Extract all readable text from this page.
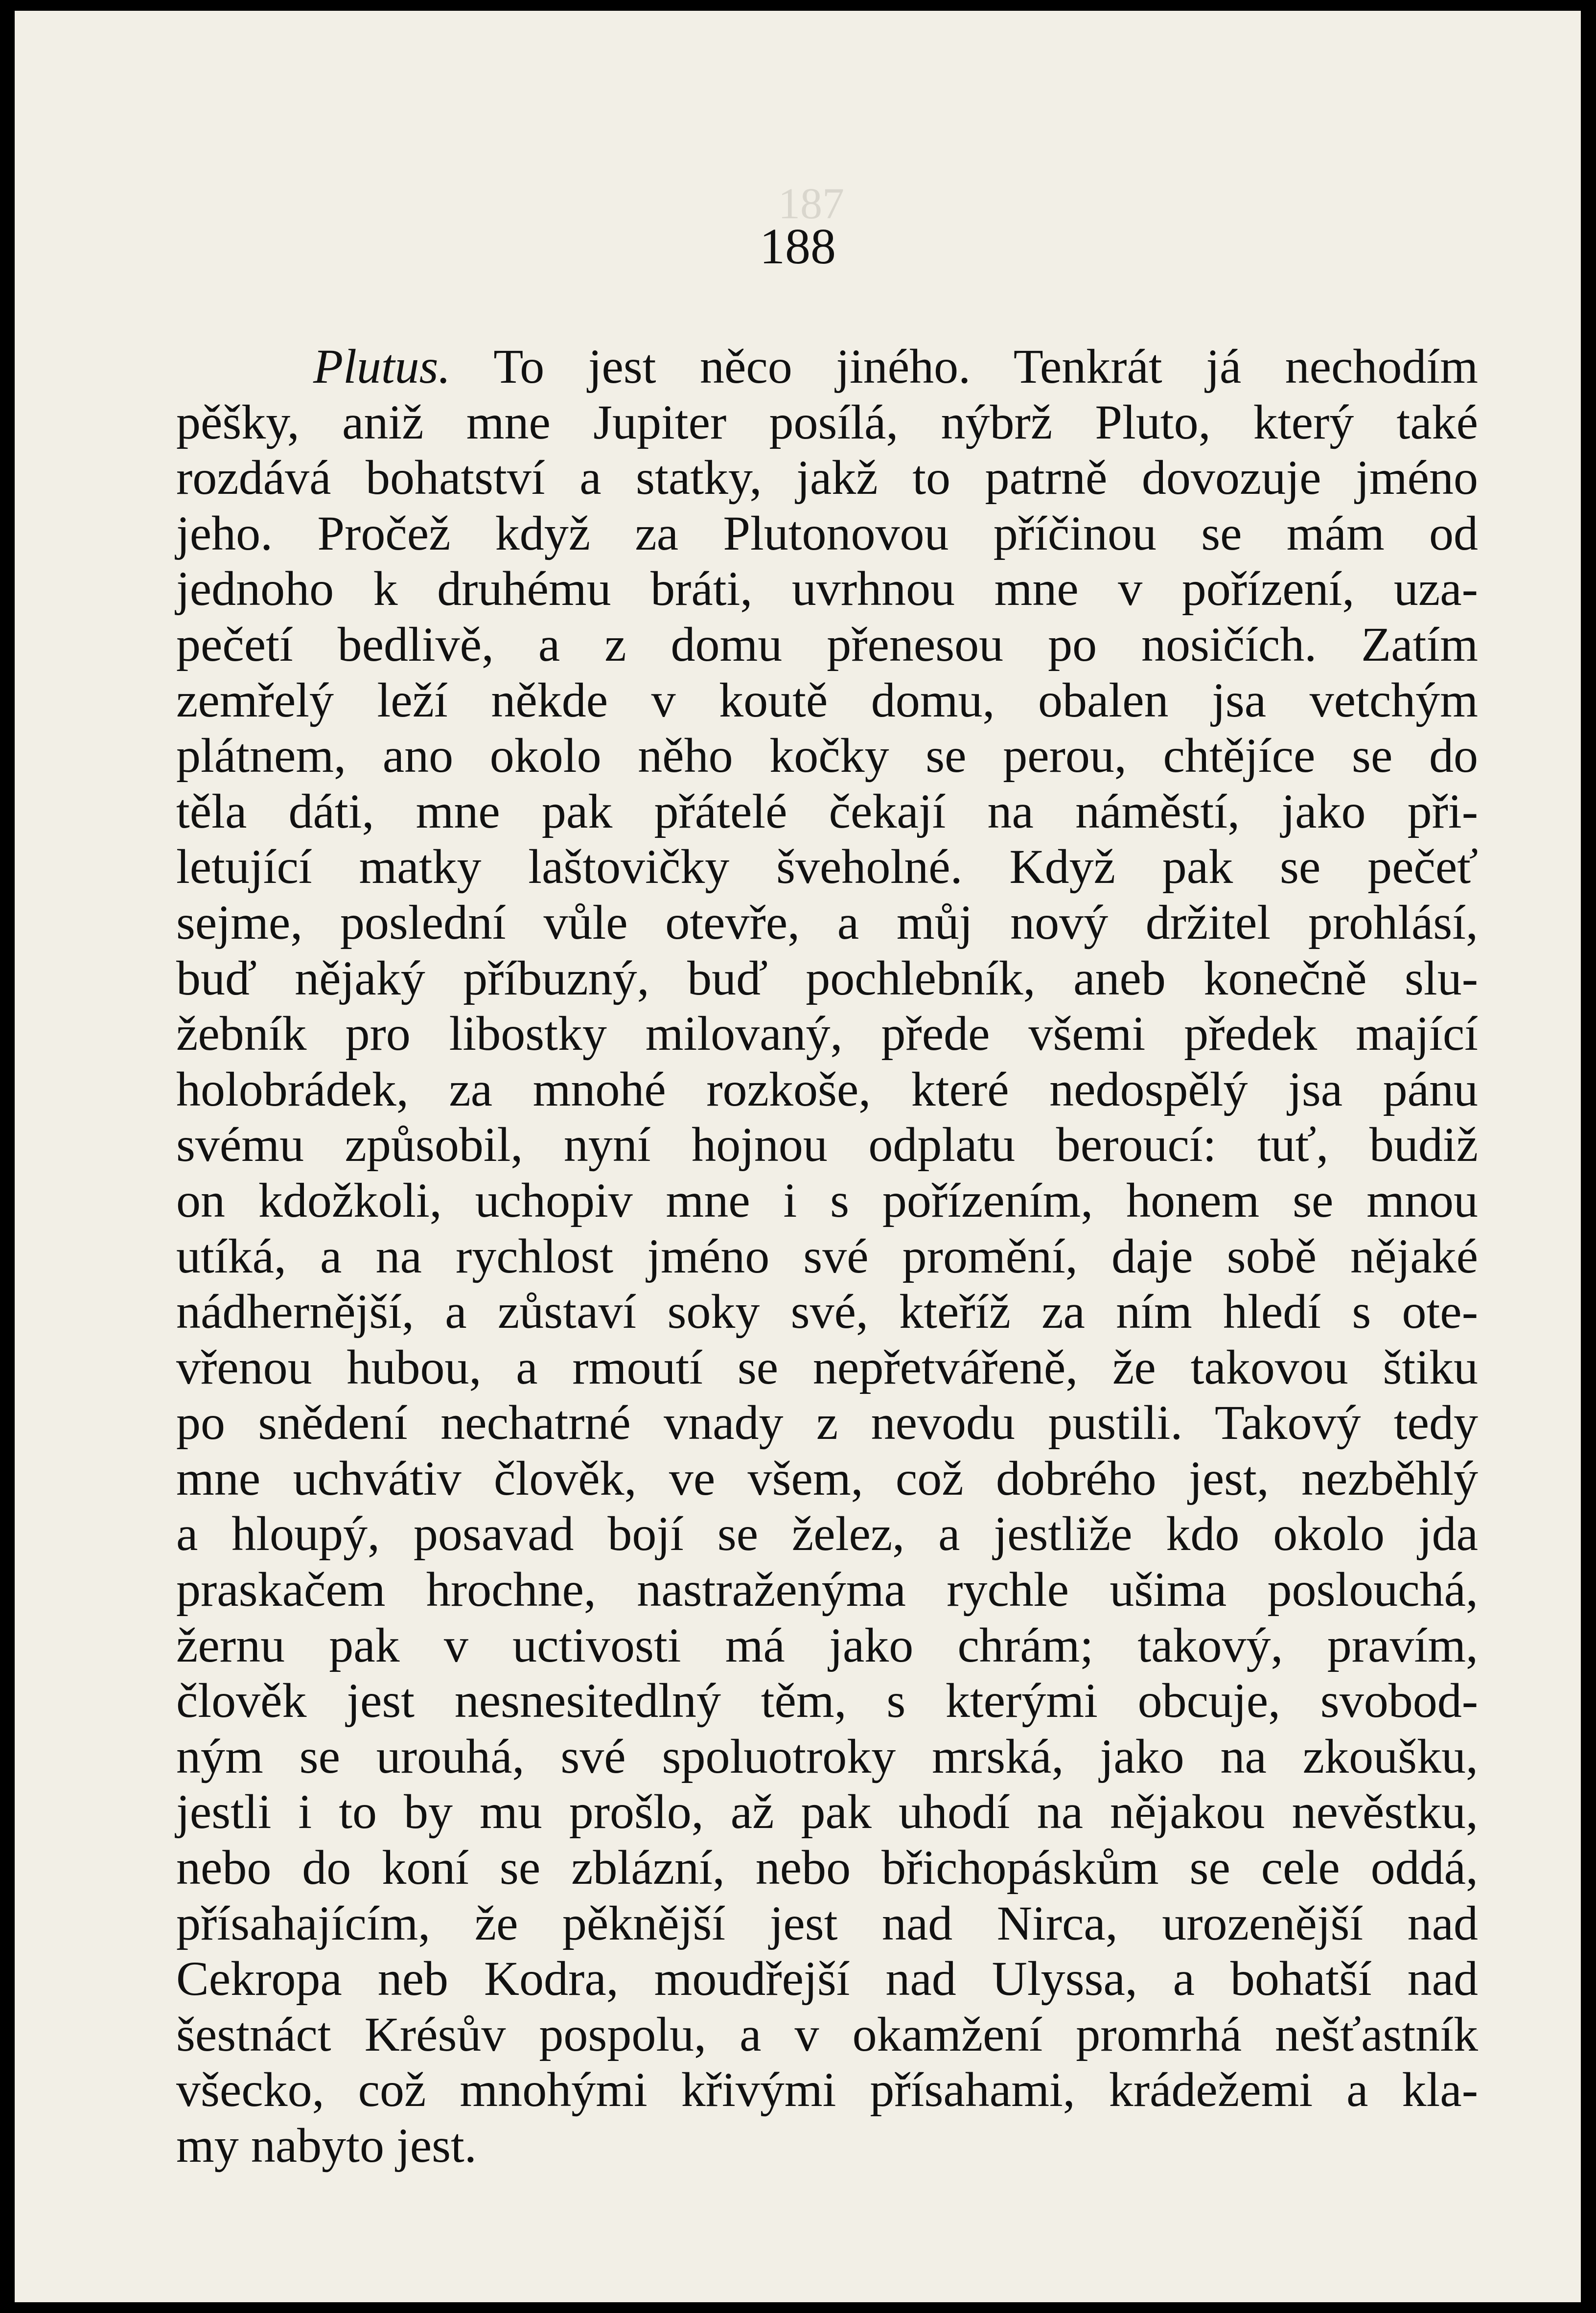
187
188
Plutus. To jest něco jiného. Tenkrát já nechodím
pěšky, aniž mne Jupiter posílá, nýbrž Pluto, který také
rozdává bohatství a statky, jakž to patrně dovozuje jméno
jeho. Pročež když za Plutonovou příčinou se mám od
jednoho k druhému bráti, uvrhnou mne v pořízení, uza-
pečetí bedlivě, a z domu přenesou po nosičích. Zatím
zemřelý leží někde v koutě domu, obalen jsa vetchým
plátnem, ano okolo něho kočky se perou, chtějíce se do
těla dáti, mne pak přátelé čekají na náměstí, jako při-
letující matky laštovičky šveholné. Když pak se pečeť
sejme, poslední vůle otevře, a můj nový držitel prohlásí,
buď nějaký příbuzný, buď pochlebník, aneb konečně slu-
žebník pro libostky milovaný, přede všemi předek mající
holobrádek, za mnohé rozkoše, které nedospělý jsa pánu
svému způsobil, nyní hojnou odplatu beroucí: tuť, budiž
on kdožkoli, uchopiv mne i s pořízením, honem se mnou
utíká, a na rychlost jméno své promění, daje sobě nějaké
nádhernější, a zůstaví soky své, kteříž za ním hledí s ote-
vřenou hubou, a rmoutí se nepřetvářeně, že takovou štiku
po snědení nechatrné vnady z nevodu pustili. Takový tedy
mne uchvátiv člověk, ve všem, což dobrého jest, nezběhlý
a hloupý, posavad bojí se želez, a jestliže kdo okolo jda
praskačem hrochne, nastraženýma rychle ušima poslouchá,
žernu pak v uctivosti má jako chrám; takový, pravím,
člověk jest nesnesitedlný těm, s kterými obcuje, svobod-
ným se urouhá, své spoluotroky mrská, jako na zkoušku,
jestli i to by mu prošlo, až pak uhodí na nějakou nevěstku,
nebo do koní se zblázní, nebo břichopáskům se cele oddá,
přísahajícím, že pěknější jest nad Nirca, urozenější nad
Cekropa neb Kodra, moudřejší nad Ulyssa, a bohatší nad
šestnáct Krésův pospolu, a v okamžení promrhá nešťastník
všecko, což mnohými křivými přísahami, krádežemi a kla-
my nabyto jest.
